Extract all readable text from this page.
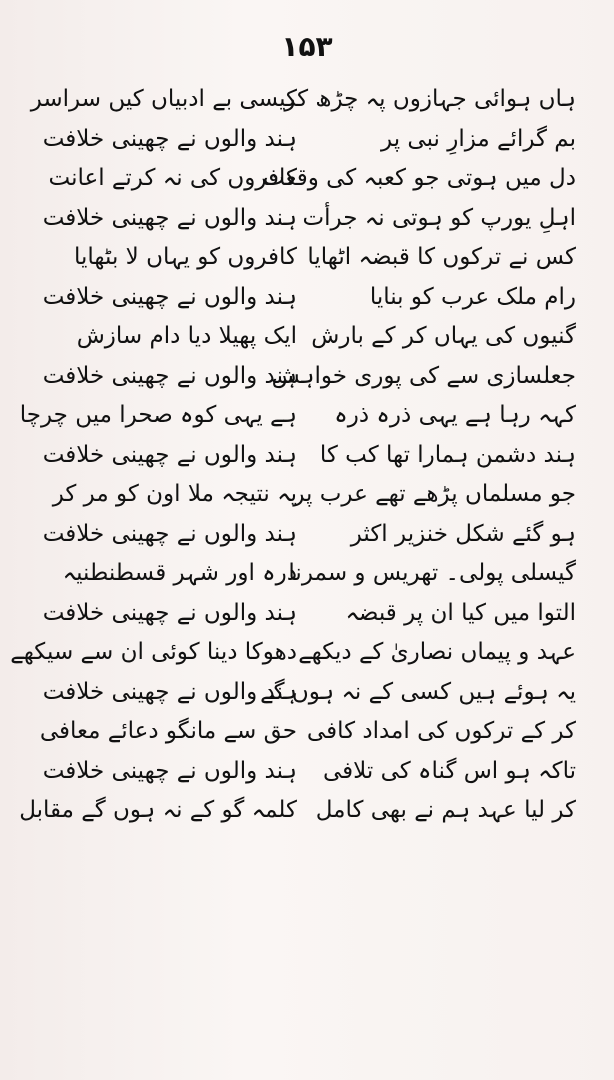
۱۵۳
ہاں ہوائی جہازوں پہ چڑھ کر
بم گرائے مزارِ نبی پر
دل میں ہوتی جو کعبہ کی وقعت
اہلِ یورپ کو ہوتی نہ جرأت
کس نے ترکوں کا قبضہ اٹھایا
رام ملک عرب کو بنایا
گنیوں کی یہاں کر کے بارش
جعلسازی سے کی پوری خواہش
کہہ رہا ہے یہی ذرہ ذرہ
ہند دشمن ہمارا تھا کب کا
جو مسلماں پڑھے تھے عرب پر
ہو گئے شکل خنزیر اکثر
گیسلی پولی۔ تھریس و سمرنا
التوا میں کیا ان پر قبضہ
عہد و پیماں نصاریٰ کے دیکھے
یہ ہوئے ہیں کسی کے نہ ہوں گے
کر کے ترکوں کی امداد کافی
تاکہ ہو اس گناہ کی تلافی
کر لیا عہد ہم نے بھی کامل
کیسی بے ادبیاں کیں سراسر
ہند والوں نے چھینی خلافت
کافروں کی نہ کرتے اعانت
ہند والوں نے چھینی خلافت
کافروں کو یہاں لا بٹھایا
ہند والوں نے چھینی خلافت
ایک پھیلا دیا دام سازش
ہند والوں نے چھینی خلافت
ہے یہی کوہ صحرا میں چرچا
ہند والوں نے چھینی خلافت
یہ نتیجہ ملا اون کو مر کر
ہند والوں نے چھینی خلافت
درہ اور شہر قسطنطنیہ
ہند والوں نے چھینی خلافت
دھوکا دینا کوئی ان سے سیکھے
ہند والوں نے چھینی خلافت
حق سے مانگو دعائے معافی
ہند والوں نے چھینی خلافت
کلمہ گو کے نہ ہوں گے مقابل
